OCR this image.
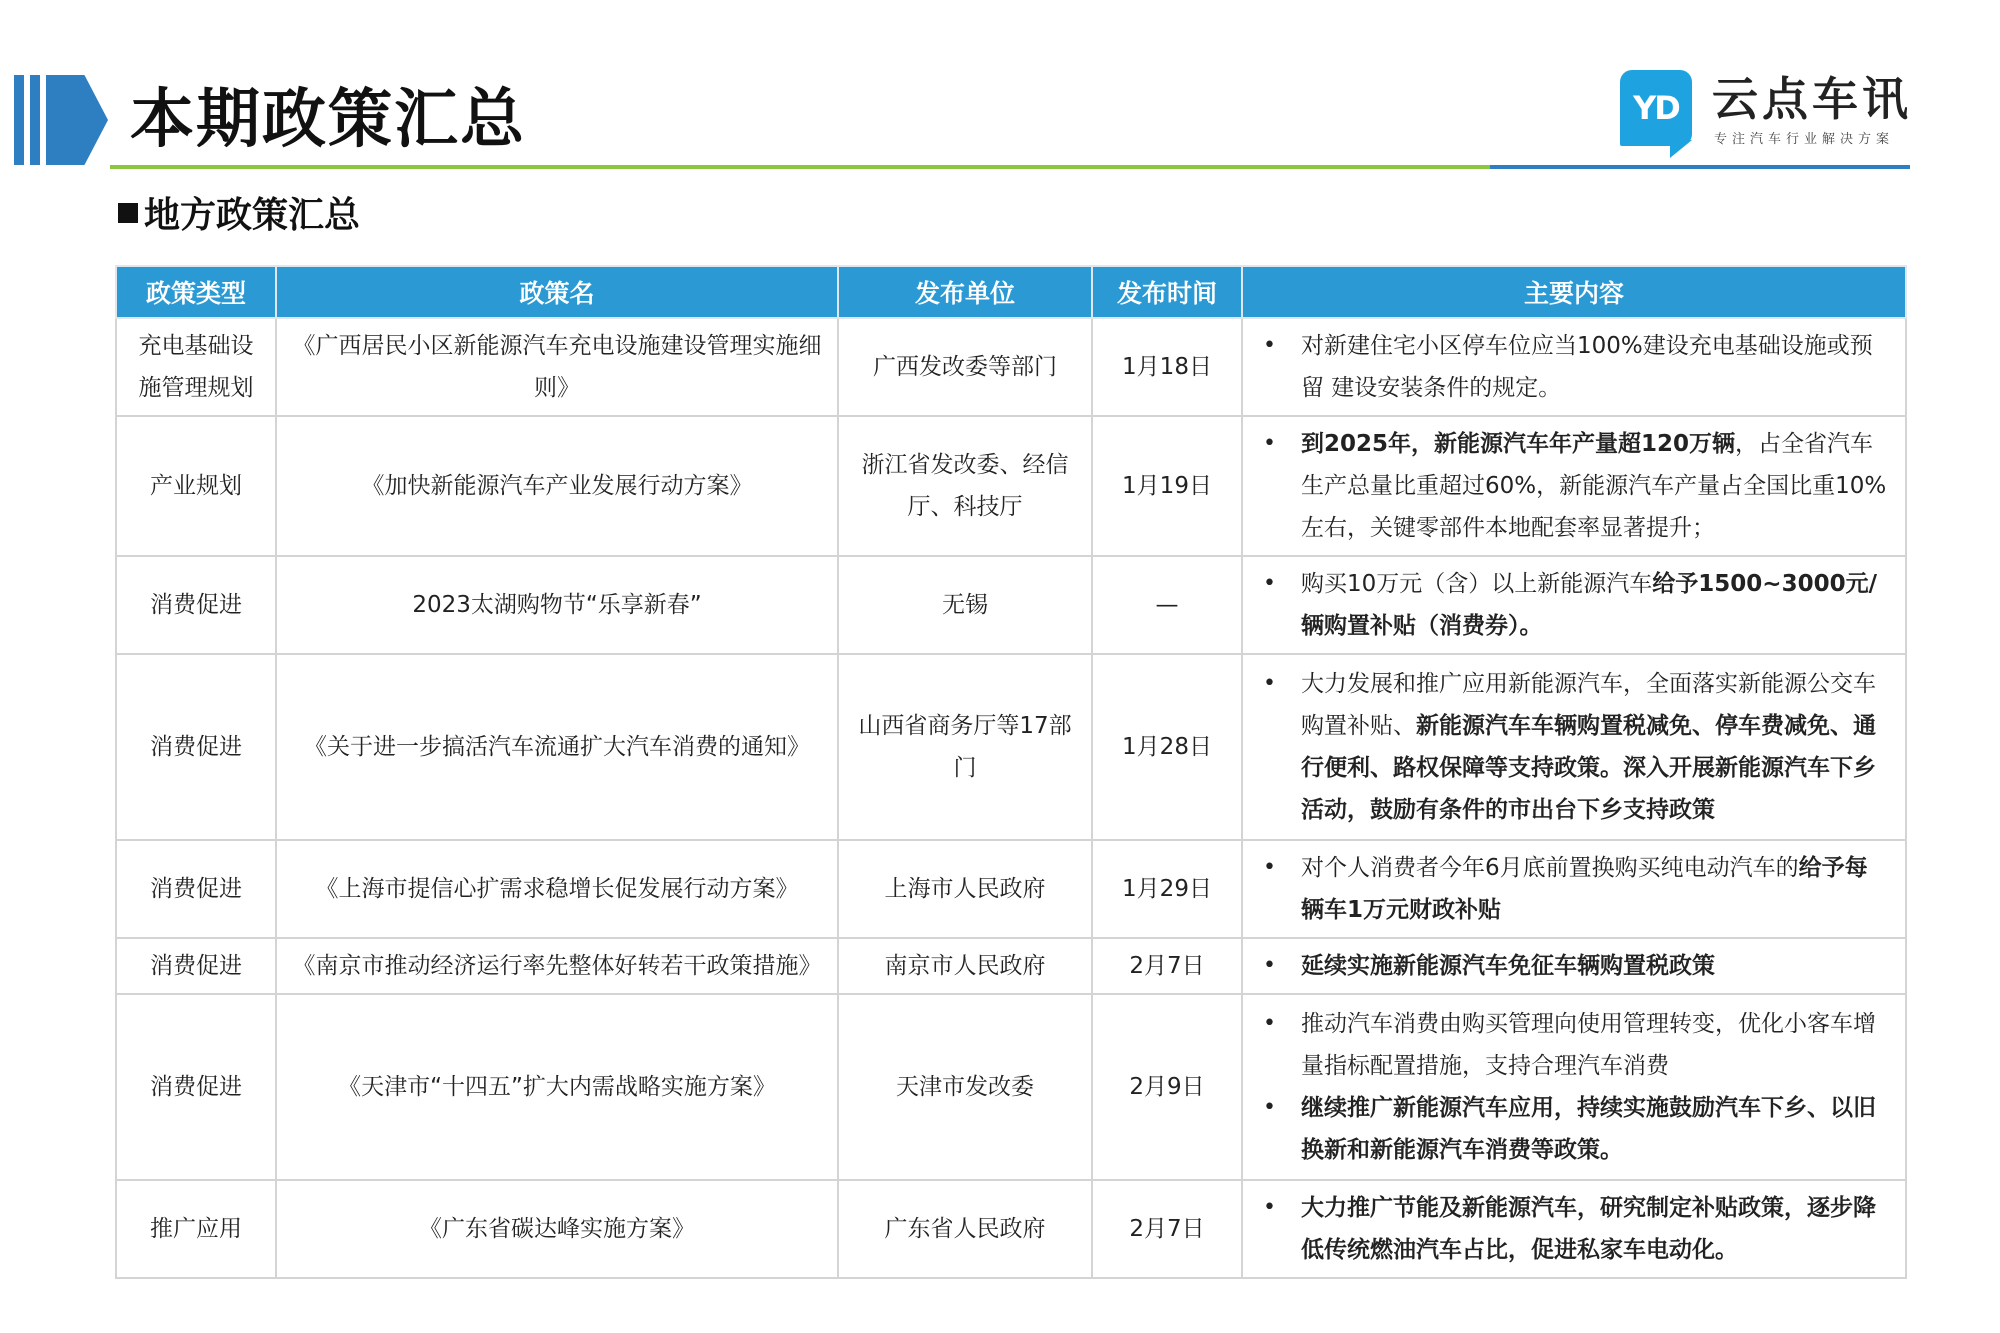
本期政策汇总	YD 云点车讯
专注汽车行业解决方案
地方政策汇总
政策类型	政策名	发布单位	发布时间	主要内容
充电基础设施管理规划	《广西居民小区新能源汽车充电设施建设管理实施细则》	广西发改委等部门	1月18日	• 对新建住宅小区停车位应当100%建设充电基础设施或预留 建设安装条件的规定。

产业规划	《加快新能源汽车产业发展行动方案》	浙江省发改委、经信厅、科技厅	1月19日	• 到2025年，新能源汽车年产量超120万辆，占全省汽车生产总量比重超过60%，新能源汽车产量占全国比重10%左右，关键零部件本地配套率显著提升；

消费促进	2023太湖购物节“乐享新春”	无锡	—	• 购买10万元（含）以上新能源汽车给予1500~3000元/辆购置补贴（消费券）。

消费促进	《关于进一步搞活汽车流通扩大汽车消费的通知》	山西省商务厅等17部门	1月28日	• 大力发展和推广应用新能源汽车，全面落实新能源公交车购置补贴、新能源汽车车辆购置税减免、停车费减免、通行便利、路权保障等支持政策。深入开展新能源汽车下乡活动，鼓励有条件的市出台下乡支持政策

消费促进	《上海市提信心扩需求稳增长促发展行动方案》	上海市人民政府	1月29日	• 对个人消费者今年6月底前置换购买纯电动汽车的给予每辆车1万元财政补贴

消费促进	《南京市推动经济运行率先整体好转若干政策措施》	南京市人民政府	2月7日	• 延续实施新能源汽车免征车辆购置税政策

消费促进	《天津市“十四五”扩大内需战略实施方案》	天津市发改委	2月9日	• 推动汽车消费由购买管理向使用管理转变，优化小客车增量指标配置措施，支持合理汽车消费
• 继续推广新能源汽车应用，持续实施鼓励汽车下乡、以旧换新和新能源汽车消费等政策。

推广应用	《广东省碳达峰实施方案》	广东省人民政府	2月7日	• 大力推广节能及新能源汽车，研究制定补贴政策，逐步降低传统燃油汽车占比，促进私家车电动化。
